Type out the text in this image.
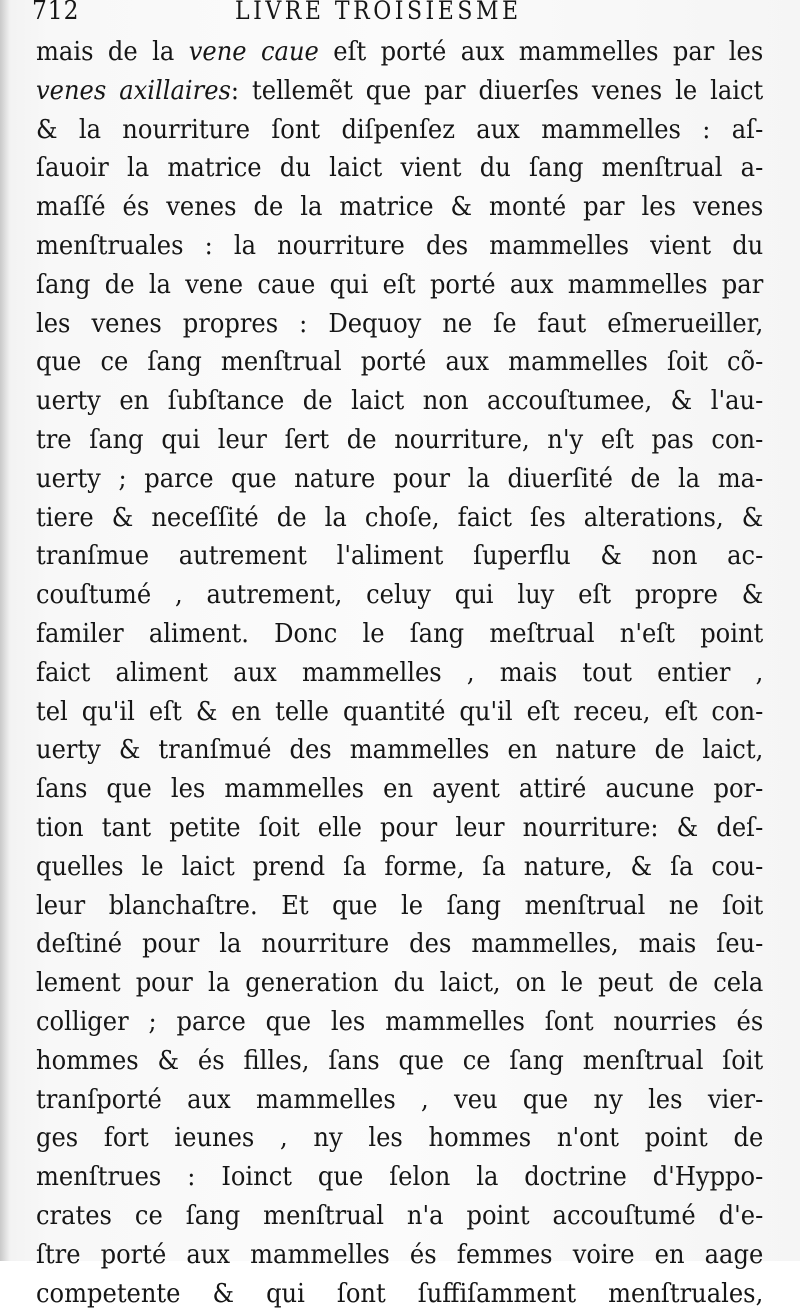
712	LIVRE TROISIESME
mais de la vene caue eſt porté aux mammelles par les
venes axillaires: tellemẽt que par diuerſes venes le laict
& la nourriture ſont diſpenſez aux mammelles : aſ-
ſauoir la matrice du laict vient du ſang menſtrual a-
maſſé és venes de la matrice & monté par les venes
menſtruales : la nourriture des mammelles vient du
ſang de la vene caue qui eſt porté aux mammelles par
les venes propres : Dequoy ne ſe faut eſmerueiller,
que ce ſang menſtrual porté aux mammelles ſoit cõ-
uerty en ſubſtance de laict non accouſtumee, & l'au-
tre ſang qui leur ſert de nourriture, n'y eſt pas con-
uerty ; parce que nature pour la diuerſité de la ma-
tiere & neceſſité de la choſe, faict ſes alterations, &
tranſmue autrement l'aliment ſuperflu & non ac-
couſtumé , autrement, celuy qui luy eſt propre &
familer aliment. Donc le ſang meſtrual n'eſt point
faict aliment aux mammelles , mais tout entier ,
tel qu'il eſt & en telle quantité qu'il eſt receu, eſt con-
uerty & tranſmué des mammelles en nature de laict,
ſans que les mammelles en ayent attiré aucune por-
tion tant petite ſoit elle pour leur nourriture: & deſ-
quelles le laict prend ſa forme, ſa nature, & ſa cou-
leur blanchaſtre. Et que le ſang menſtrual ne ſoit
deſtiné pour la nourriture des mammelles, mais ſeu-
lement pour la generation du laict, on le peut de cela
colliger ; parce que les mammelles ſont nourries és
hommes & és filles, ſans que ce ſang menſtrual ſoit
tranſporté aux mammelles , veu que ny les vier-
ges fort ieunes , ny les hommes n'ont point de
menſtrues : Ioinct que ſelon la doctrine d'Hyppo-
crates ce ſang menſtrual n'a point accouſtumé d'e-
ſtre porté aux mammelles és femmes voire en aage
competente & qui ſont ſuffiſamment menſtruales,
